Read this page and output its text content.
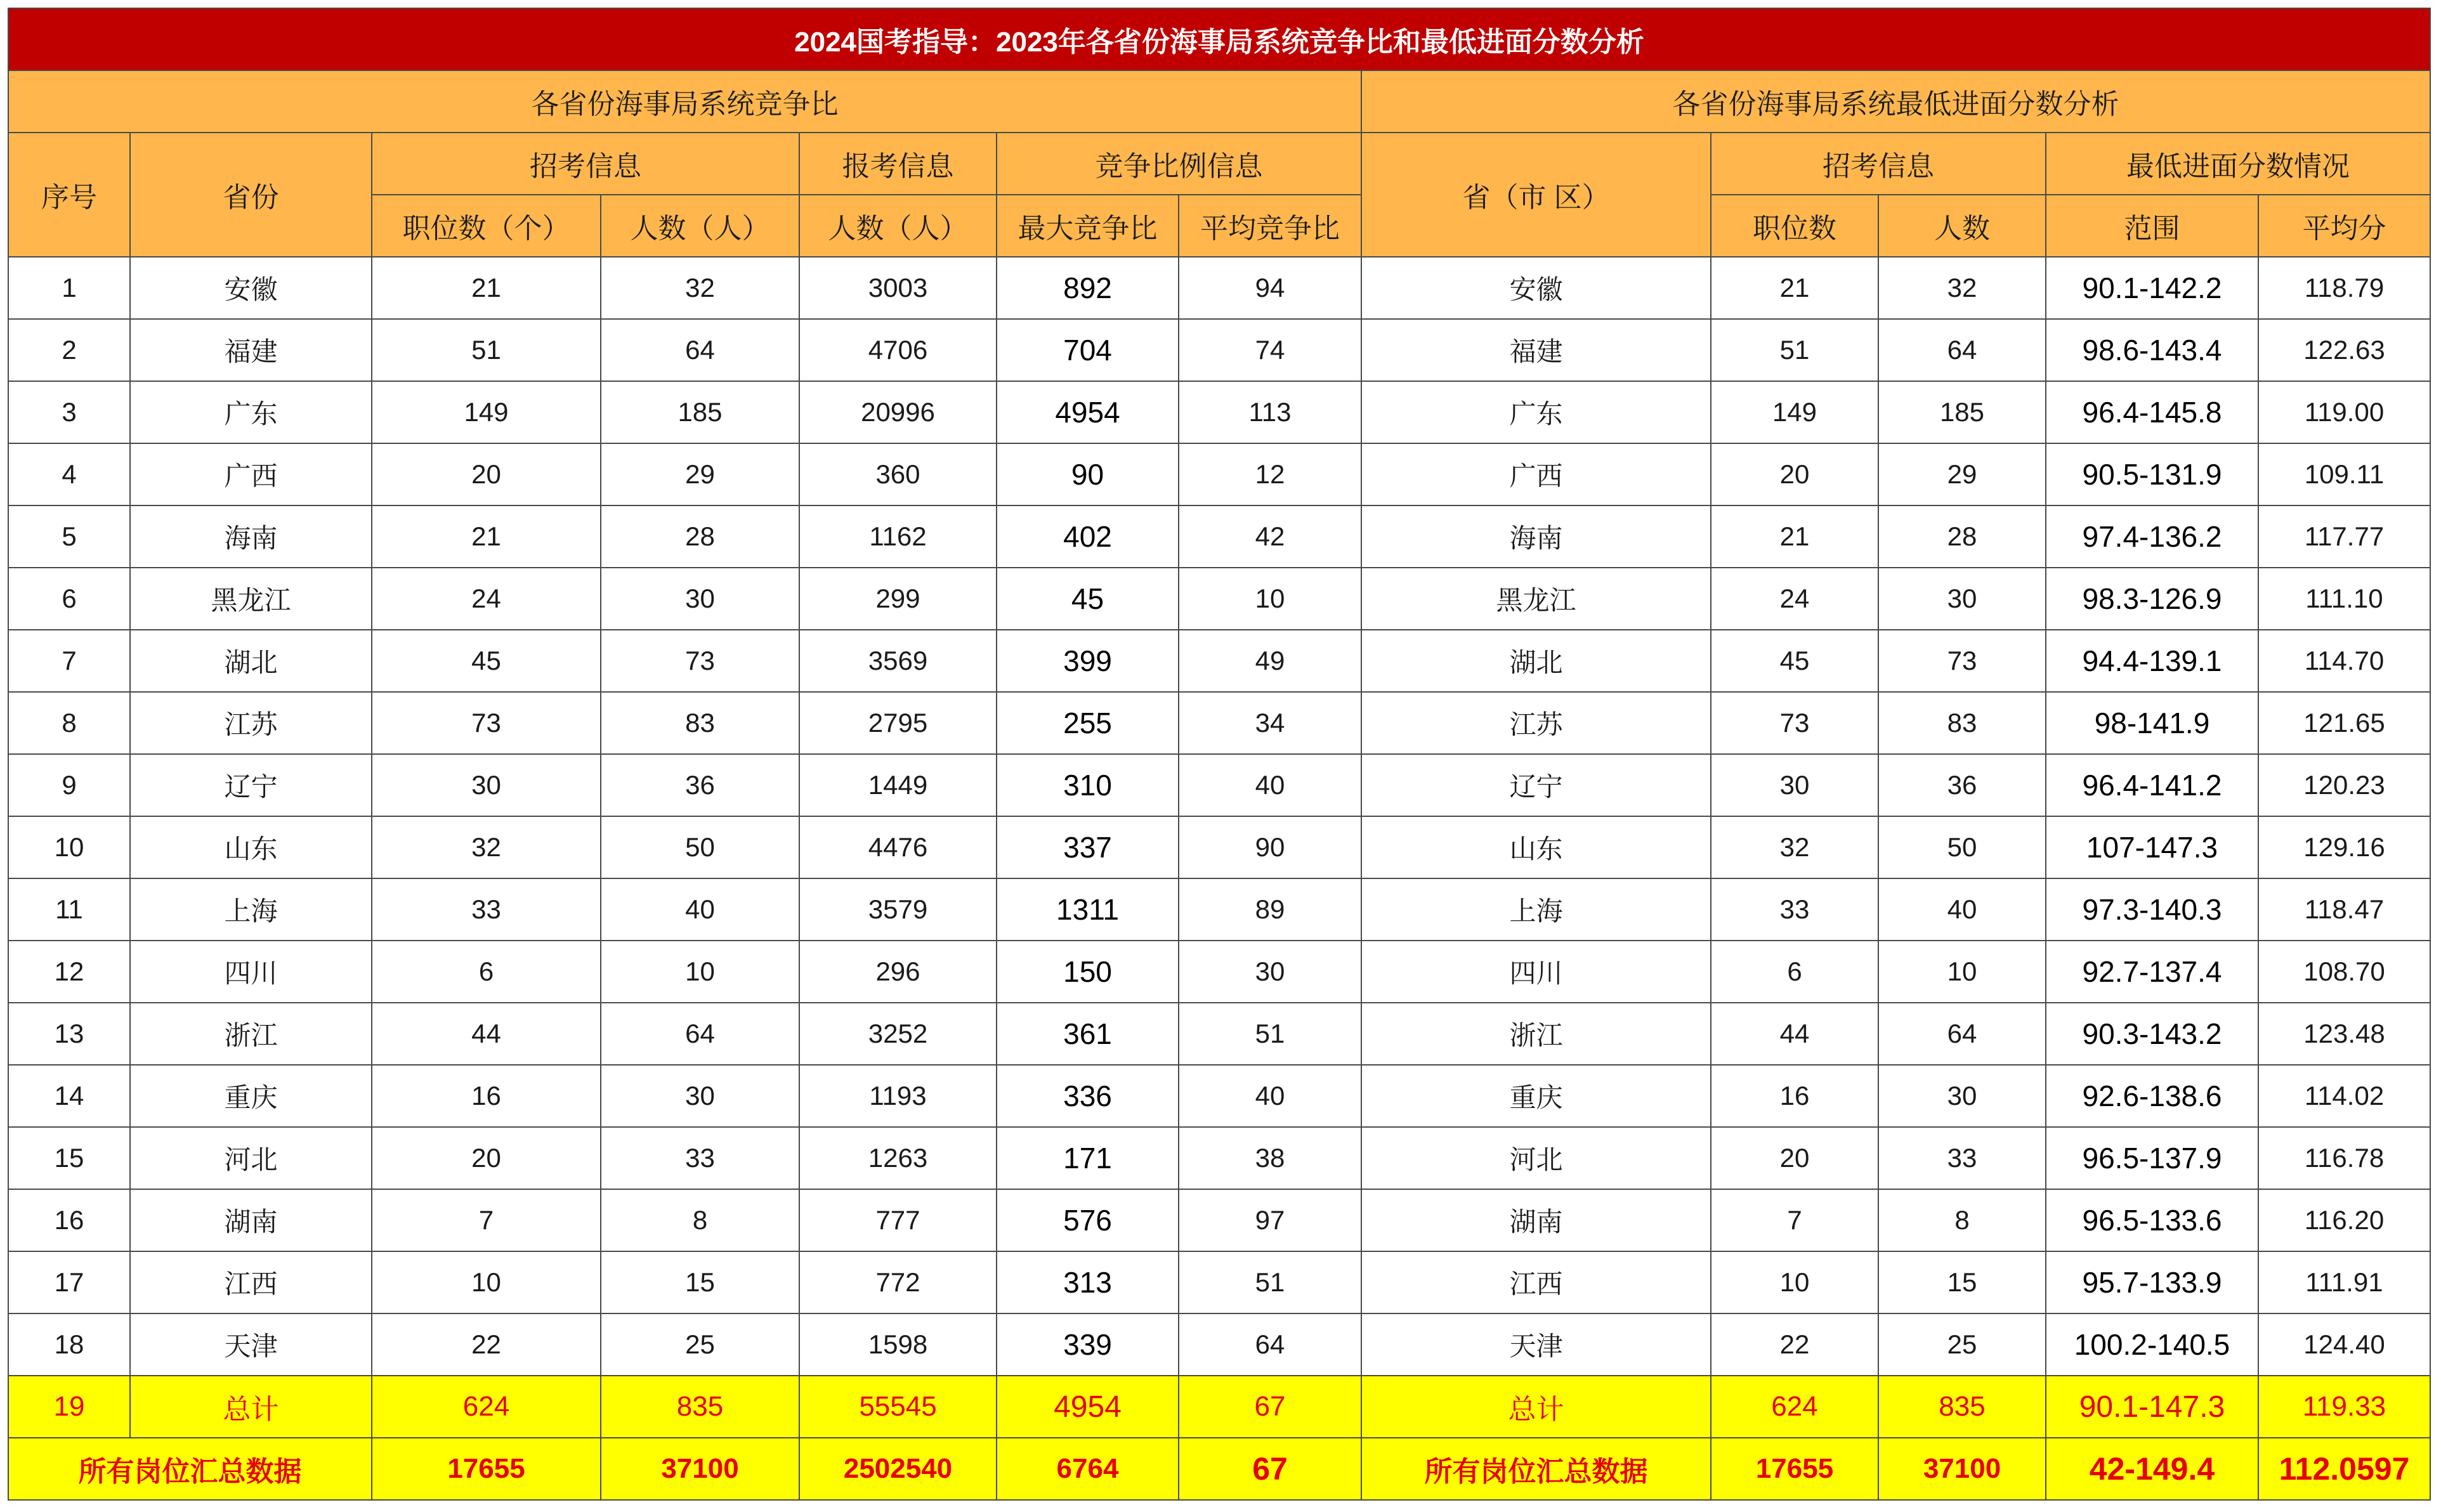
2024国考指导：2023年各省份海事局系统竞争比和最低进面分数分析											
各省份海事局系统竞争比							各省份海事局系统最低进面分数分析				
序号	省份	招考信息		报考信息	竞争比例信息		省（市 区）	招考信息		最低进面分数情况	
		职位数（个）	人数（人）	人数（人）	最大竞争比	平均竞争比		职位数	人数	范围	平均分
1	安徽	21	32	3003	892	94	安徽	21	32	90.1-142.2	118.79
2	福建	51	64	4706	704	74	福建	51	64	98.6-143.4	122.63
3	广东	149	185	20996	4954	113	广东	149	185	96.4-145.8	119.00
4	广西	20	29	360	90	12	广西	20	29	90.5-131.9	109.11
5	海南	21	28	1162	402	42	海南	21	28	97.4-136.2	117.77
6	黑龙江	24	30	299	45	10	黑龙江	24	30	98.3-126.9	111.10
7	湖北	45	73	3569	399	49	湖北	45	73	94.4-139.1	114.70
8	江苏	73	83	2795	255	34	江苏	73	83	98-141.9	121.65
9	辽宁	30	36	1449	310	40	辽宁	30	36	96.4-141.2	120.23
10	山东	32	50	4476	337	90	山东	32	50	107-147.3	129.16
11	上海	33	40	3579	1311	89	上海	33	40	97.3-140.3	118.47
12	四川	6	10	296	150	30	四川	6	10	92.7-137.4	108.70
13	浙江	44	64	3252	361	51	浙江	44	64	90.3-143.2	123.48
14	重庆	16	30	1193	336	40	重庆	16	30	92.6-138.6	114.02
15	河北	20	33	1263	171	38	河北	20	33	96.5-137.9	116.78
16	湖南	7	8	777	576	97	湖南	7	8	96.5-133.6	116.20
17	江西	10	15	772	313	51	江西	10	15	95.7-133.9	111.91
18	天津	22	25	1598	339	64	天津	22	25	100.2-140.5	124.40
19	总计	624	835	55545	4954	67	总计	624	835	90.1-147.3	119.33
所有岗位汇总数据		17655	37100	2502540	6764	67	所有岗位汇总数据	17655	37100	42-149.4	112.0597
